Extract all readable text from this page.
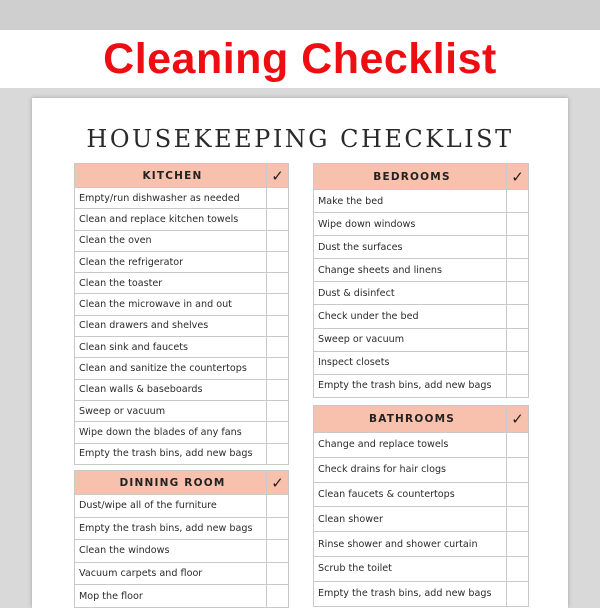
Cleaning Checklist
HOUSEKEEPING CHECKLIST
KITCHEN	✓
Empty/run dishwasher as needed	
Clean and replace kitchen towels	
Clean the oven	
Clean the refrigerator	
Clean the toaster	
Clean the microwave in and out	
Clean drawers and shelves	
Clean sink and faucets	
Clean and sanitize the countertops	
Clean walls & baseboards	
Sweep or vacuum	
Wipe down the blades of any fans	
Empty the trash bins, add new bags	
DINNING ROOM	✓
Dust/wipe all of the furniture	
Empty the trash bins, add new bags	
Clean the windows	
Vacuum carpets and floor	
Mop the floor	
BEDROOMS	✓
Make the bed	
Wipe down windows	
Dust the surfaces	
Change sheets and linens	
Dust & disinfect	
Check under the bed	
Sweep or vacuum	
Inspect closets	
Empty the trash bins, add new bags	
BATHROOMS	✓
Change and replace towels	
Check drains for hair clogs	
Clean faucets & countertops	
Clean shower	
Rinse shower and shower curtain	
Scrub the toilet	
Empty the trash bins, add new bags	
